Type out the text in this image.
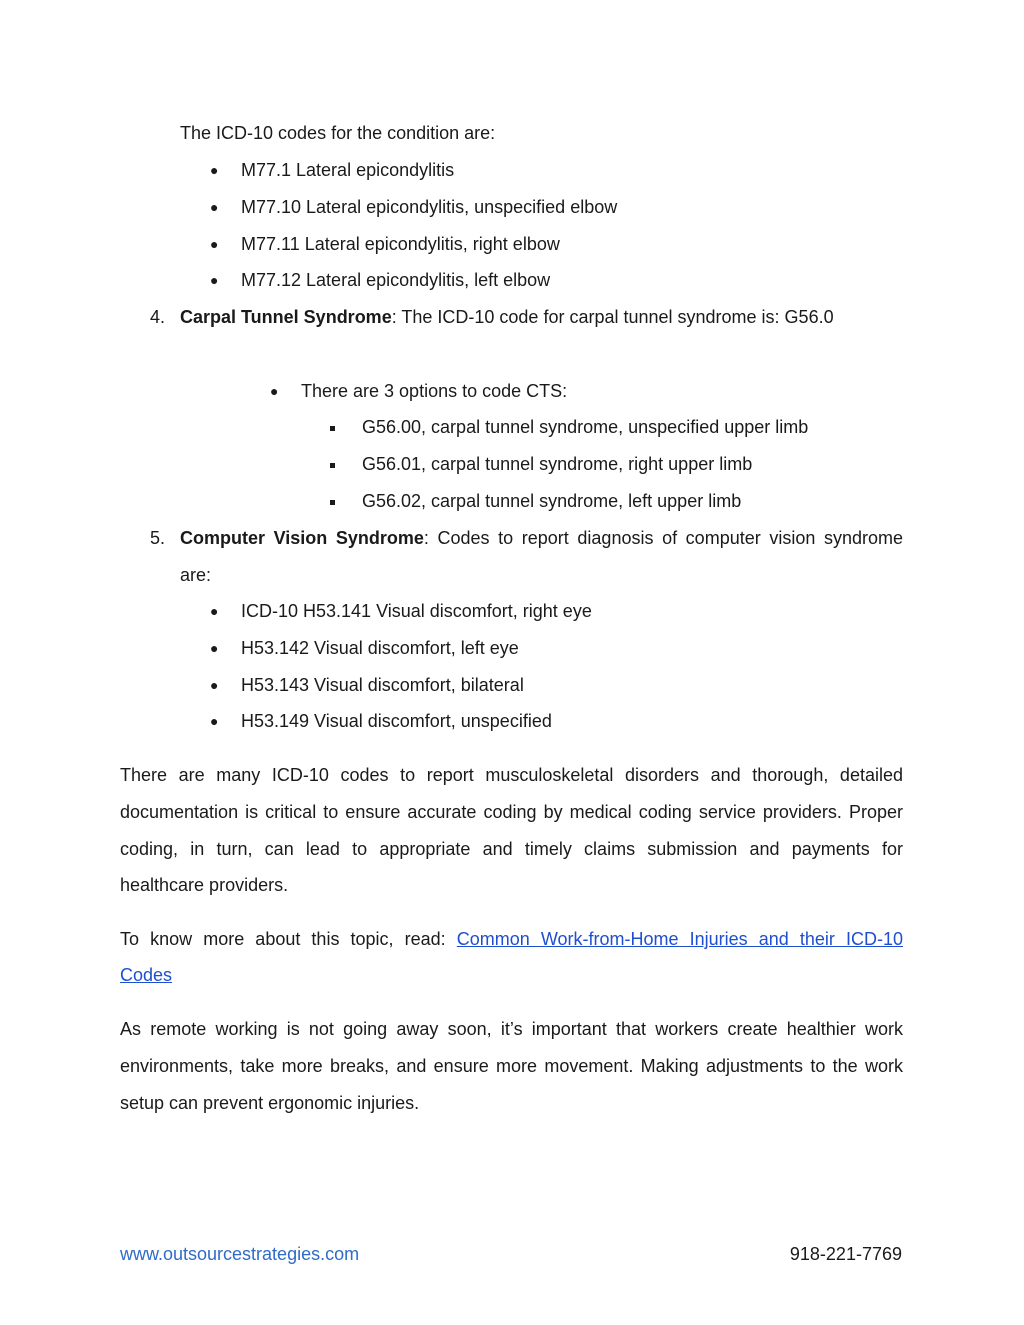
The ICD-10 codes for the condition are:
● M77.1 Lateral epicondylitis
● M77.10 Lateral epicondylitis, unspecified elbow
● M77.11 Lateral epicondylitis, right elbow
● M77.12 Lateral epicondylitis, left elbow
4. Carpal Tunnel Syndrome: The ICD-10 code for carpal tunnel syndrome is: G56.0
● There are 3 options to code CTS:
G56.00, carpal tunnel syndrome, unspecified upper limb
G56.01, carpal tunnel syndrome, right upper limb
G56.02, carpal tunnel syndrome, left upper limb
5. Computer Vision Syndrome: Codes to report diagnosis of computer vision syndrome
are:
● ICD-10 H53.141 Visual discomfort, right eye
● H53.142 Visual discomfort, left eye
● H53.143 Visual discomfort, bilateral
● H53.149 Visual discomfort, unspecified
There are many ICD-10 codes to report musculoskeletal disorders and thorough, detailed
documentation is critical to ensure accurate coding by medical coding service providers. Proper
coding, in turn, can lead to appropriate and timely claims submission and payments for
healthcare providers.
To know more about this topic, read: Common Work-from-Home Injuries and their ICD-10
Codes
As remote working is not going away soon, it’s important that workers create healthier work
environments, take more breaks, and ensure more movement. Making adjustments to the work
setup can prevent ergonomic injuries.
www.outsourcestrategies.com	918-221-7769
